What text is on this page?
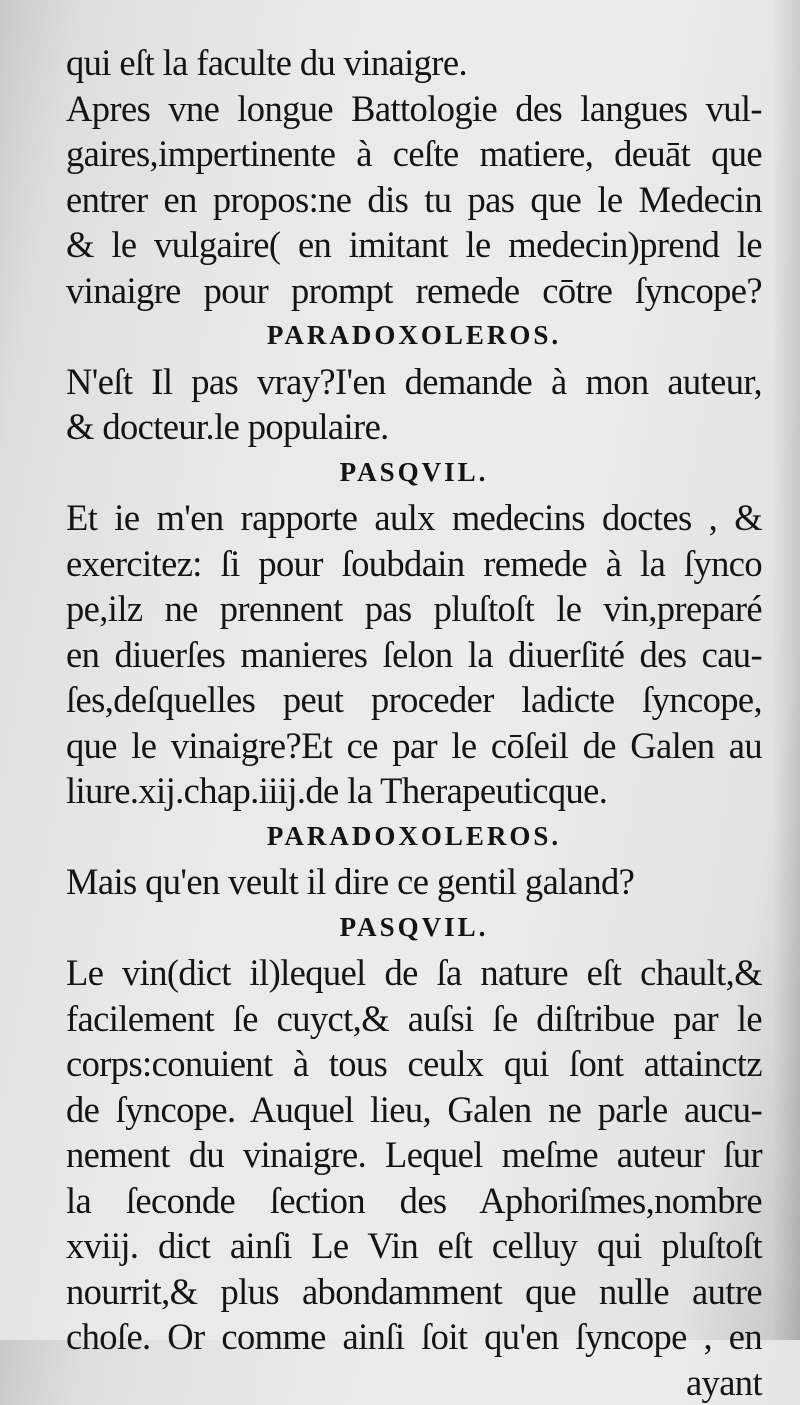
qui eſt la faculte du vinaigre.
Apres vne longue Battologie des langues vul-
gaires,impertinente à ceſte matiere, deuāt que
entrer en propos:ne dis tu pas que le Medecin
& le vulgaire( en imitant le medecin)prend le
vinaigre pour prompt remede cōtre ſyncope?
PARADOXOLEROS.
N'eſt Il pas vray?I'en demande à mon auteur,
& docteur.le populaire.
PASQVIL.
Et ie m'en rapporte aulx medecins doctes , &
exercitez: ſi pour ſoubdain remede à la ſynco
pe,ilz ne prennent pas pluſtoſt le vin,preparé
en diuerſes manieres ſelon la diuerſité des cau-
ſes,deſquelles peut proceder ladicte ſyncope,
que le vinaigre?Et ce par le cōſeil de Galen au
liure.xij.chap.iiij.de la Therapeuticque.
PARADOXOLEROS.
Mais qu'en veult il dire ce gentil galand?
PASQVIL.
Le vin(dict il)lequel de ſa nature eſt chault,&
facilement ſe cuyct,& auſsi ſe diſtribue par le
corps:conuient à tous ceulx qui ſont attainctz
de ſyncope. Auquel lieu, Galen ne parle aucu-
nement du vinaigre. Lequel meſme auteur ſur
la ſeconde ſection des Aphoriſmes,nombre
xviij. dict ainſi Le Vin eſt celluy qui pluſtoſt
nourrit,& plus abondamment que nulle autre
choſe. Or comme ainſi ſoit qu'en ſyncope , en
ayant
